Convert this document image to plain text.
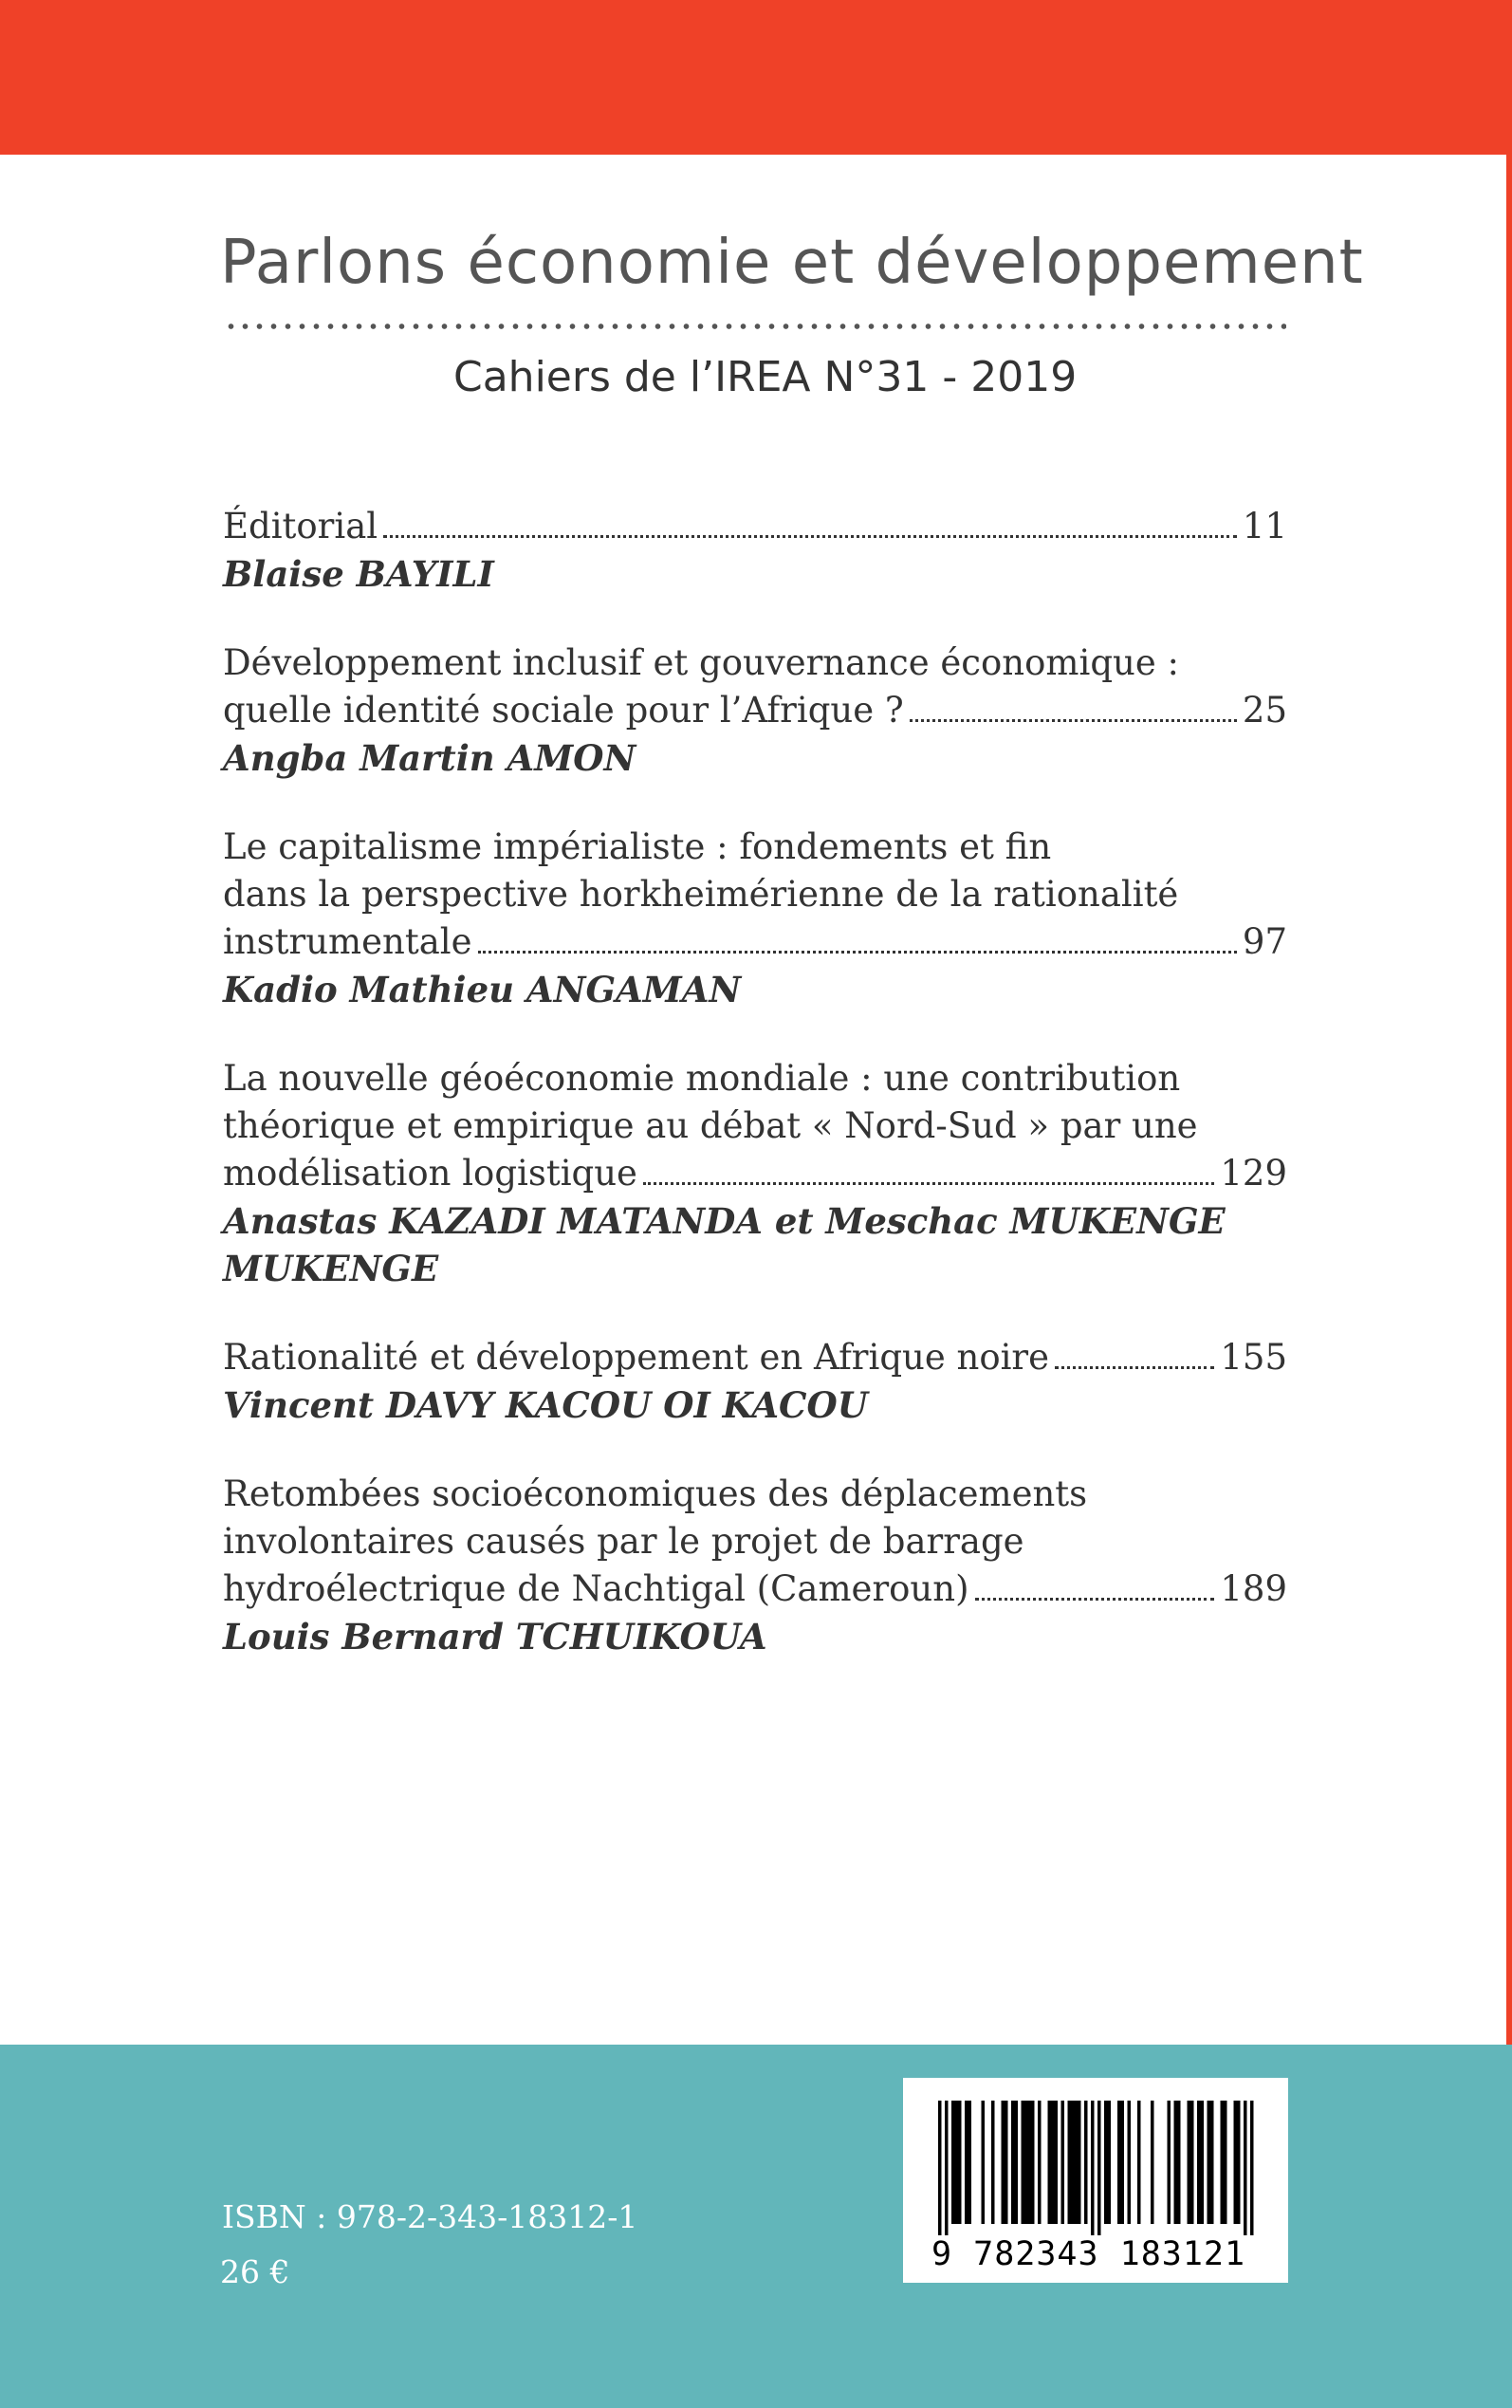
Parlons économie et développement

Cahiers de l’IREA N°31 - 2019

Éditorial	11
Blaise BAYILI
Développement inclusif et gouvernance économique :
quelle identité sociale pour l’Afrique ?	25
Angba Martin AMON
Le capitalisme impérialiste : fondements et fin
dans la perspective horkheimérienne de la rationalité
instrumentale	97
Kadio Mathieu ANGAMAN
La nouvelle géoéconomie mondiale : une contribution
théorique et empirique au débat « Nord-Sud » par une
modélisation logistique	129
Anastas KAZADI MATANDA et Meschac MUKENGE MUKENGE
Rationalité et développement en Afrique noire	155
Vincent DAVY KACOU OI KACOU
Retombées socioéconomiques des déplacements
involontaires causés par le projet de barrage
hydroélectrique de Nachtigal (Cameroun)	189
Louis Bernard TCHUIKOUA

ISBN : 978-2-343-18312-1

26 €	9 782343 183121
